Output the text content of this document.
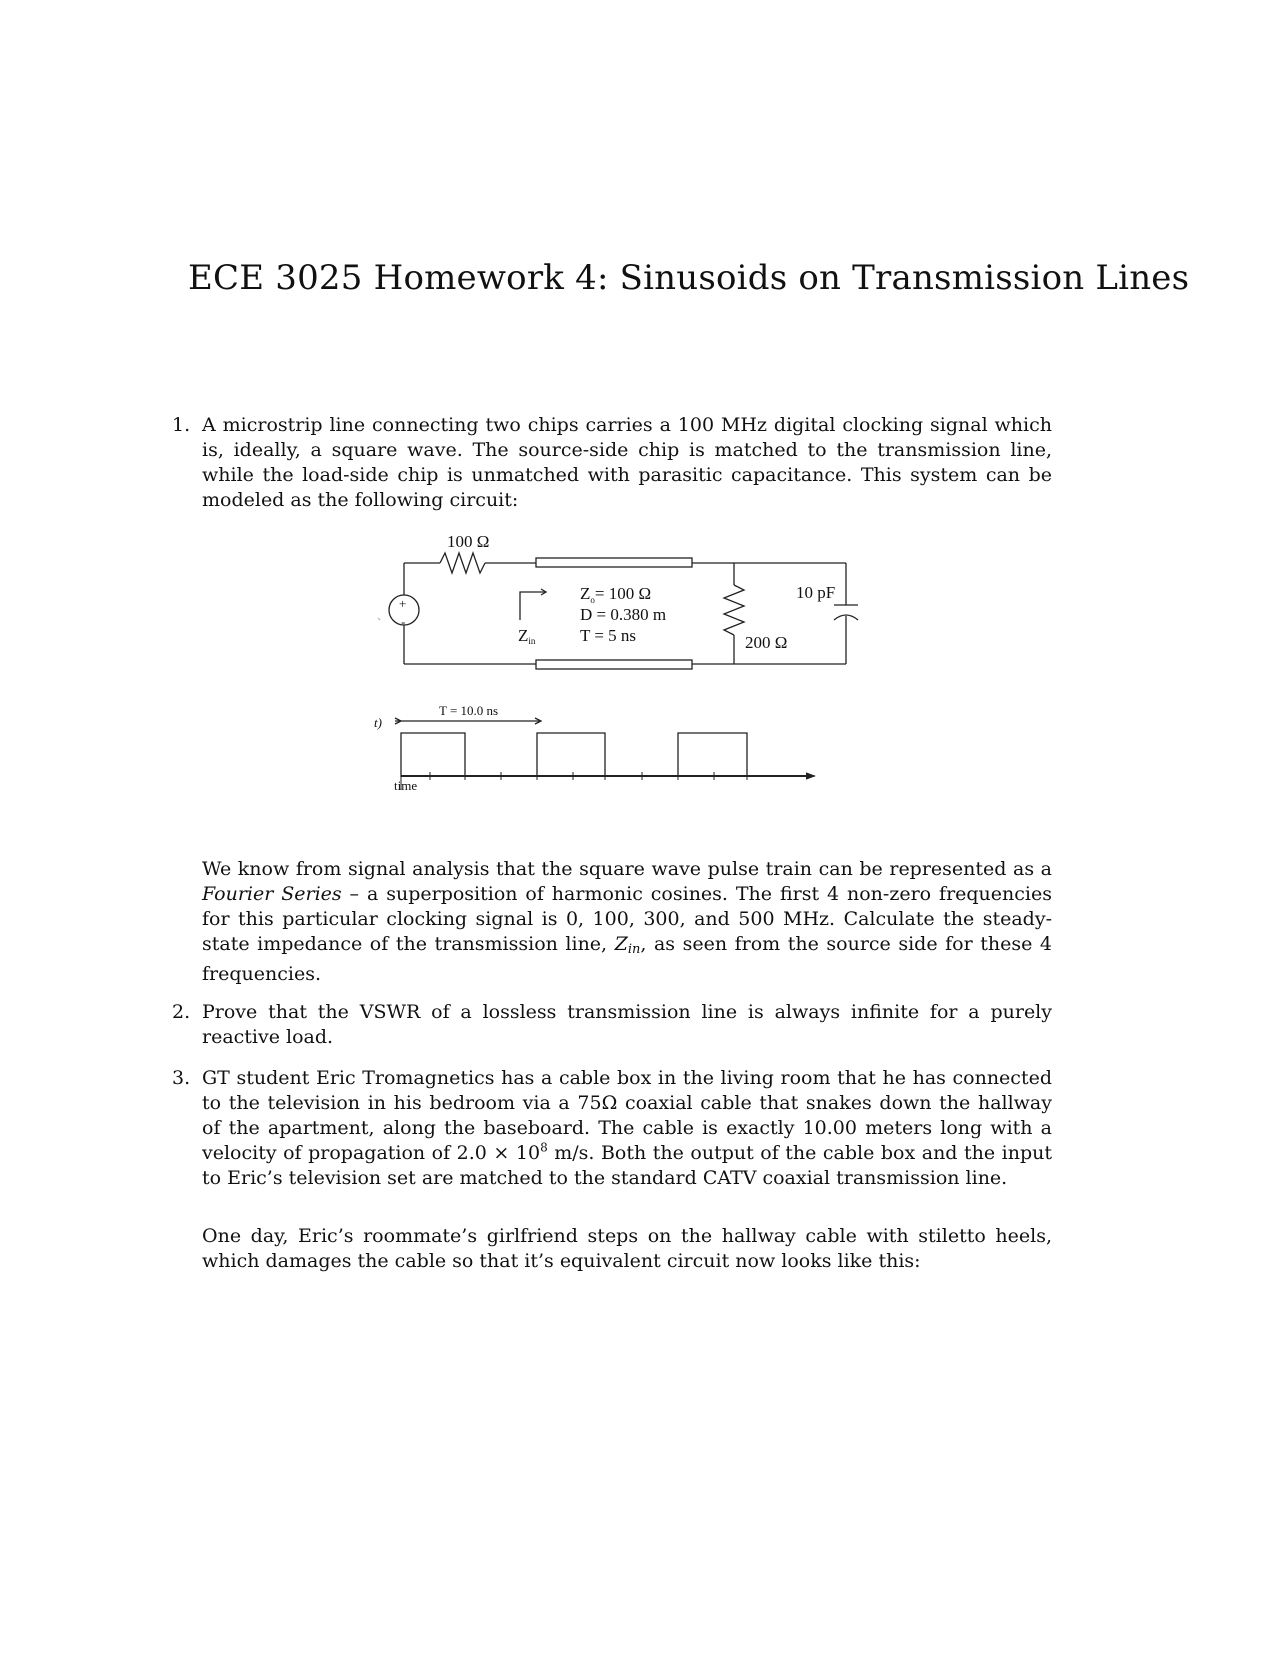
ECE 3025 Homework 4: Sinusoids on Transmission Lines
1. A microstrip line connecting two chips carries a 100 MHz digital clocking signal which is, ideally, a square wave. The source-side chip is matched to the transmission line, while the load-side chip is unmatched with parasitic capacitance. This system can be modeled as the following circuit:
+
-
100 Ω
$Z_o= 100$ Ω
D = 0.380 m
T = 5 ns
Zin	200 Ω
10 pF
T = 10.0 ns
time
t)
We know from signal analysis that the square wave pulse train can be represented as a Fourier Series – a superposition of harmonic cosines. The first 4 non-zero frequencies for this particular clocking signal is 0, 100, 300, and 500 MHz. Calculate the steady-state impedance of the transmission line, Zin, as seen from the source side for these 4 frequencies.
2. Prove that the VSWR of a lossless transmission line is always infinite for a purely reactive load.
3. GT student Eric Tromagnetics has a cable box in the living room that he has connected to the television in his bedroom via a 75Ω coaxial cable that snakes down the hallway of the apartment, along the baseboard. The cable is exactly 10.00 meters long with a velocity of propagation of $2.0 \times 10^8$ m/s. Both the output of the cable box and the input to Eric’s television set are matched to the standard CATV coaxial transmission line.
One day, Eric’s roommate’s girlfriend steps on the hallway cable with stiletto heels, which damages the cable so that it’s equivalent circuit now looks like this:
